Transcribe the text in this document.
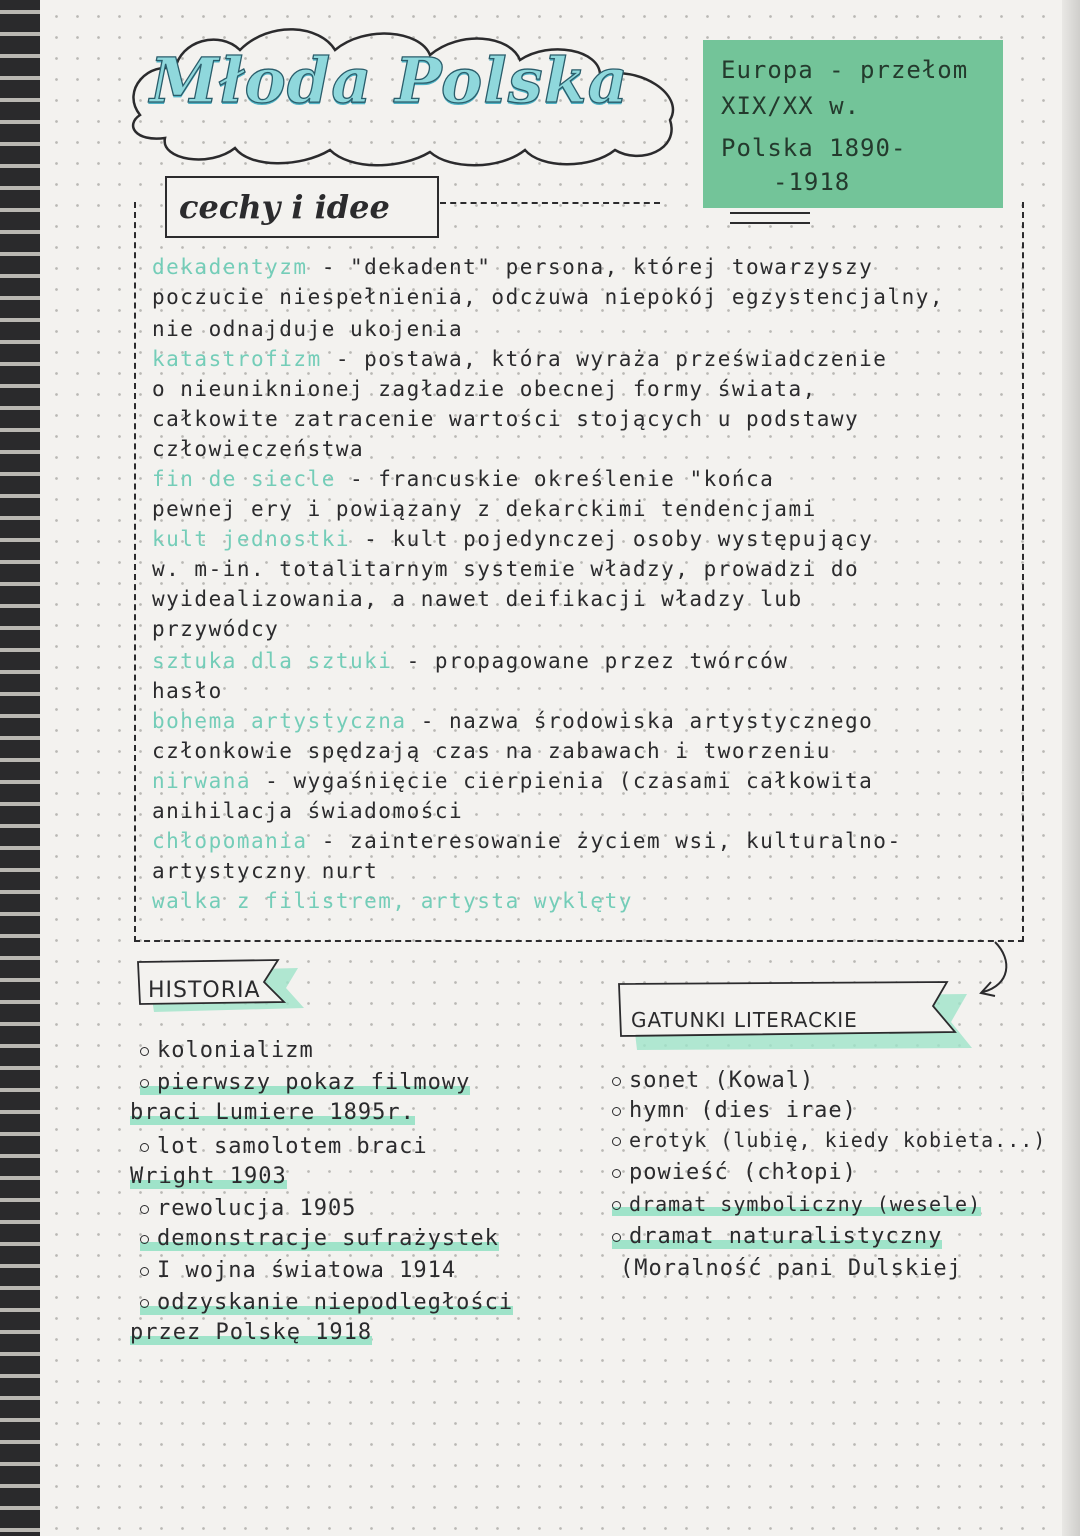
Młoda Polska	Europa - przełom
XIX/XX w.
Polska 1890-
-1918
cechy i idee
dekadentyzm - "dekadent" persona, której towarzyszy
poczucie niespełnienia, odczuwa niepokój egzystencjalny,
nie odnajduje ukojenia
katastrofizm - postawa, która wyraża przeświadczenie
o nieuniknionej zagładzie obecnej formy świata,
całkowite zatracenie wartości stojących u podstawy
człowieczeństwa
fin de siecle - francuskie określenie "końca
pewnej ery i powiązany z dekarckimi tendencjami
kult jednostki - kult pojedynczej osoby występujący
w. m-in. totalitarnym systemie władzy, prowadzi do
wyidealizowania, a nawet deifikacji władzy lub
przywódcy
sztuka dla sztuki - propagowane przez twórców
hasło
bohema artystyczna - nazwa środowiska artystycznego
członkowie spędzają czas na zabawach i tworzeniu
nirwana - wygaśnięcie cierpienia (czasami całkowita
anihilacja świadomości
chłopomania - zainteresowanie życiem wsi, kulturalno-
artystyczny nurt
walka z filistrem, artysta wyklęty
HISTORIA
kolonializm
pierwszy pokaz filmowy
braci Lumiere 1895r.
lot samolotem braci
Wright 1903
rewolucja 1905
demonstracje sufrażystek
I wojna światowa 1914
odzyskanie niepodległości
przez Polskę 1918
GATUNKI LITERACKIE
sonet (Kowal)
hymn (dies irae)
erotyk (lubię, kiedy kobieta...)
powieść (chłopi)
dramat symboliczny (wesele)
dramat naturalistyczny
(Moralność pani Dulskiej
